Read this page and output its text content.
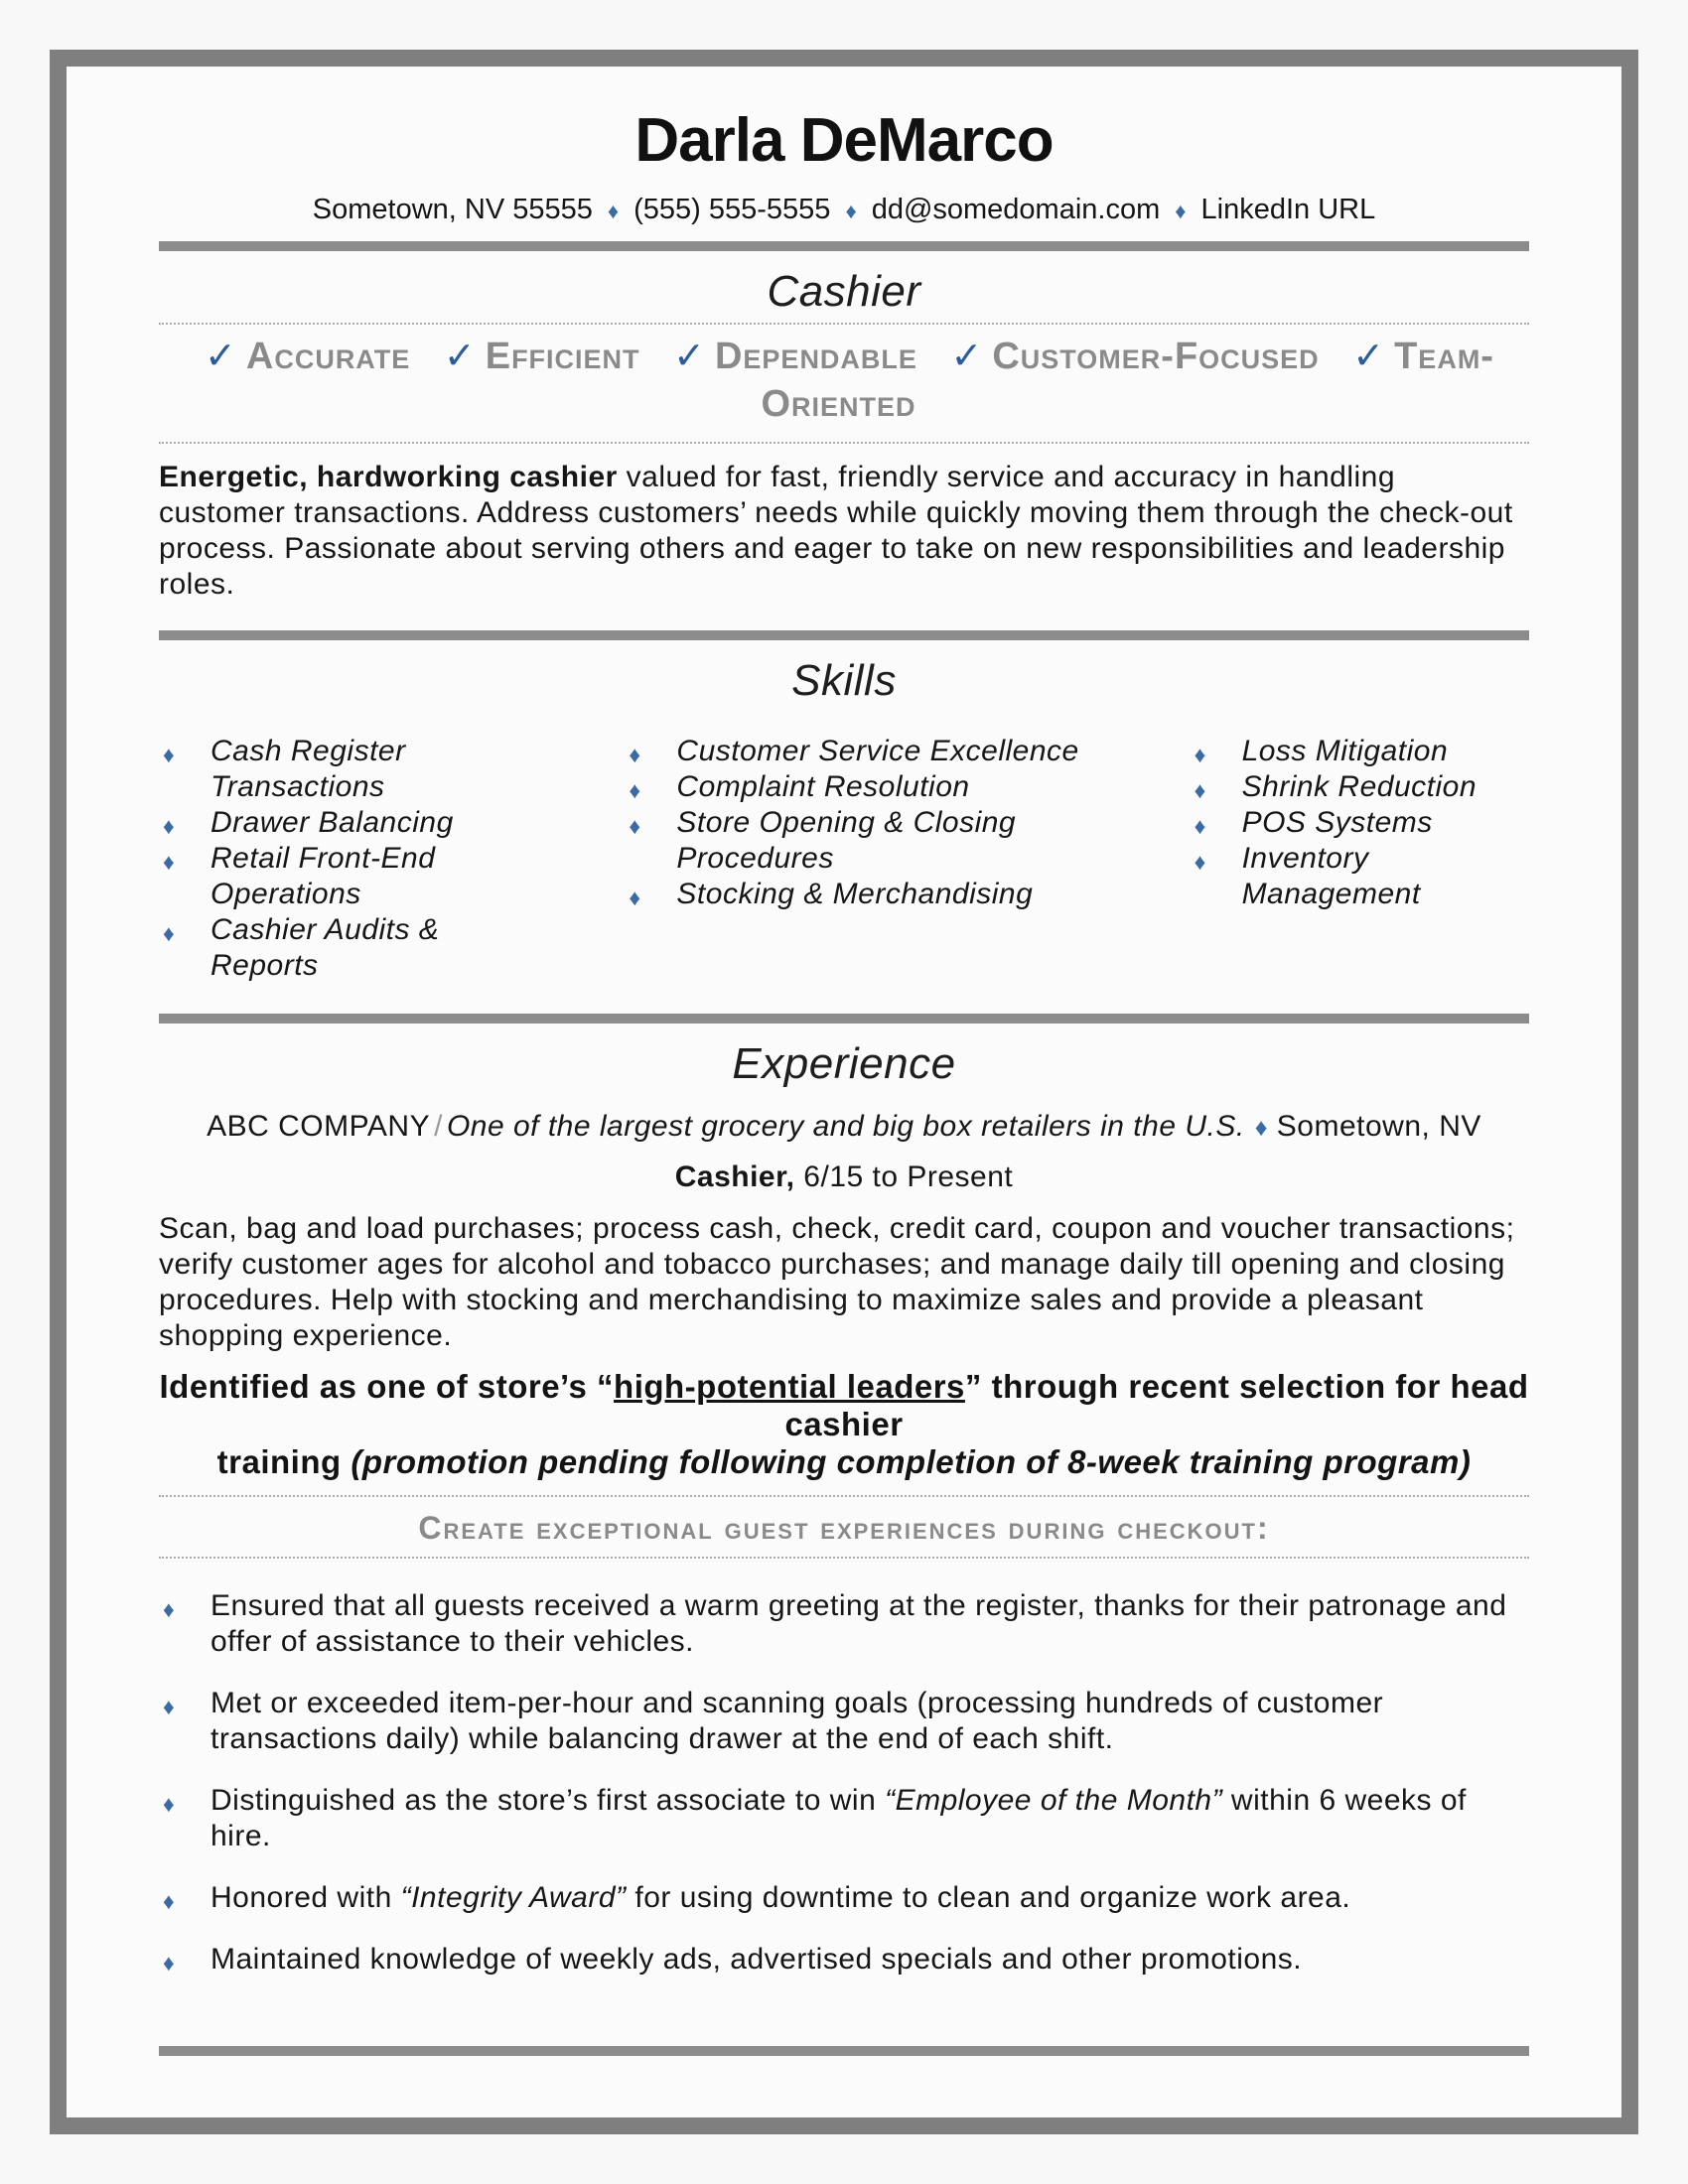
Darla DeMarco
Sometown, NV 55555 ♦ (555) 555-5555 ♦ dd@somedomain.com ♦ LinkedIn URL
Cashier
✓ Accurate ✓ Efficient ✓ Dependable ✓ Customer-Focused ✓ Team-Oriented

Energetic, hardworking cashier valued for fast, friendly service and accuracy in handling customer transactions. Address customers’ needs while quickly moving them through the check-out process. Passionate about serving others and eager to take on new responsibilities and leadership roles.

Skills
♦ Cash Register Transactions
♦ Drawer Balancing
♦ Retail Front-End Operations
♦ Cashier Audits & Reports
♦ Customer Service Excellence
♦ Complaint Resolution
♦ Store Opening & Closing Procedures
♦ Stocking & Merchandising
♦ Loss Mitigation
♦ Shrink Reduction
♦ POS Systems
♦ Inventory Management
Experience

ABC COMPANY / One of the largest grocery and big box retailers in the U.S. ♦ Sometown, NV

Cashier, 6/15 to Present

Scan, bag and load purchases; process cash, check, credit card, coupon and voucher transactions; verify customer ages for alcohol and tobacco purchases; and manage daily till opening and closing procedures. Help with stocking and merchandising to maximize sales and provide a pleasant shopping experience.

Identified as one of store’s “high-potential leaders” through recent selection for head cashier

training (promotion pending following completion of 8-week training program)

Create exceptional guest experiences during checkout:
♦ Ensured that all guests received a warm greeting at the register, thanks for their patronage and offer of assistance to their vehicles.
♦ Met or exceeded item-per-hour and scanning goals (processing hundreds of customer transactions daily) while balancing drawer at the end of each shift.
♦ Distinguished as the store’s first associate to win “Employee of the Month” within 6 weeks of hire.
♦ Honored with “Integrity Award” for using downtime to clean and organize work area.
♦ Maintained knowledge of weekly ads, advertised specials and other promotions.
